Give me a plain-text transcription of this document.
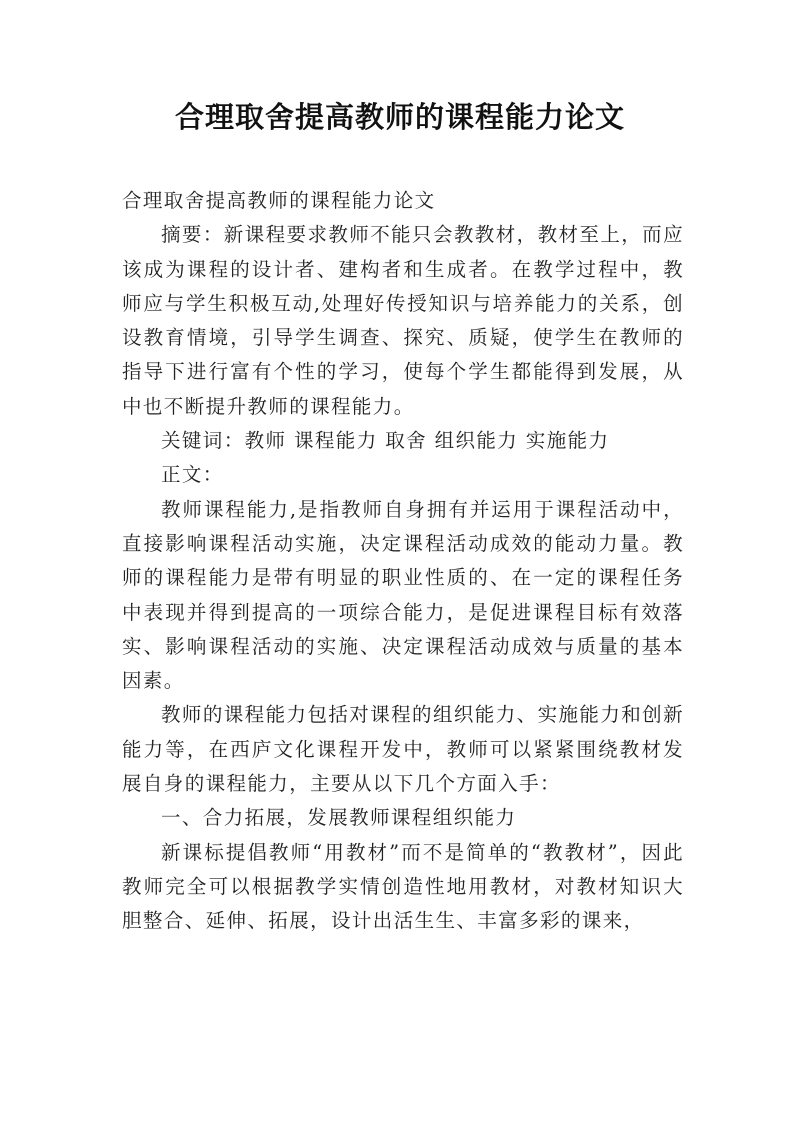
合理取舍提高教师的课程能力论文

合理取舍提高教师的课程能力论文

摘要：新课程要求教师不能只会教教材，教材至上，而应该成为课程的设计者、建构者和生成者。在教学过程中，教师应与学生积极互动,处理好传授知识与培养能力的关系，创设教育情境，引导学生调查、探究、质疑，使学生在教师的指导下进行富有个性的学习，使每个学生都能得到发展，从中也不断提升教师的课程能力。

关键词：教师 课程能力 取舍 组织能力 实施能力

正文：

教师课程能力,是指教师自身拥有并运用于课程活动中，直接影响课程活动实施，决定课程活动成效的能动力量。教师的课程能力是带有明显的职业性质的、在一定的课程任务中表现并得到提高的一项综合能力，是促进课程目标有效落实、影响课程活动的实施、决定课程活动成效与质量的基本因素。

教师的课程能力包括对课程的组织能力、实施能力和创新能力等，在西庐文化课程开发中，教师可以紧紧围绕教材发展自身的课程能力，主要从以下几个方面入手：

一、合力拓展，发展教师课程组织能力

新课标提倡教师“用教材”而不是简单的“教教材”，因此教师完全可以根据教学实情创造性地用教材，对教材知识大胆整合、延伸、拓展，设计出活生生、丰富多彩的课来，
